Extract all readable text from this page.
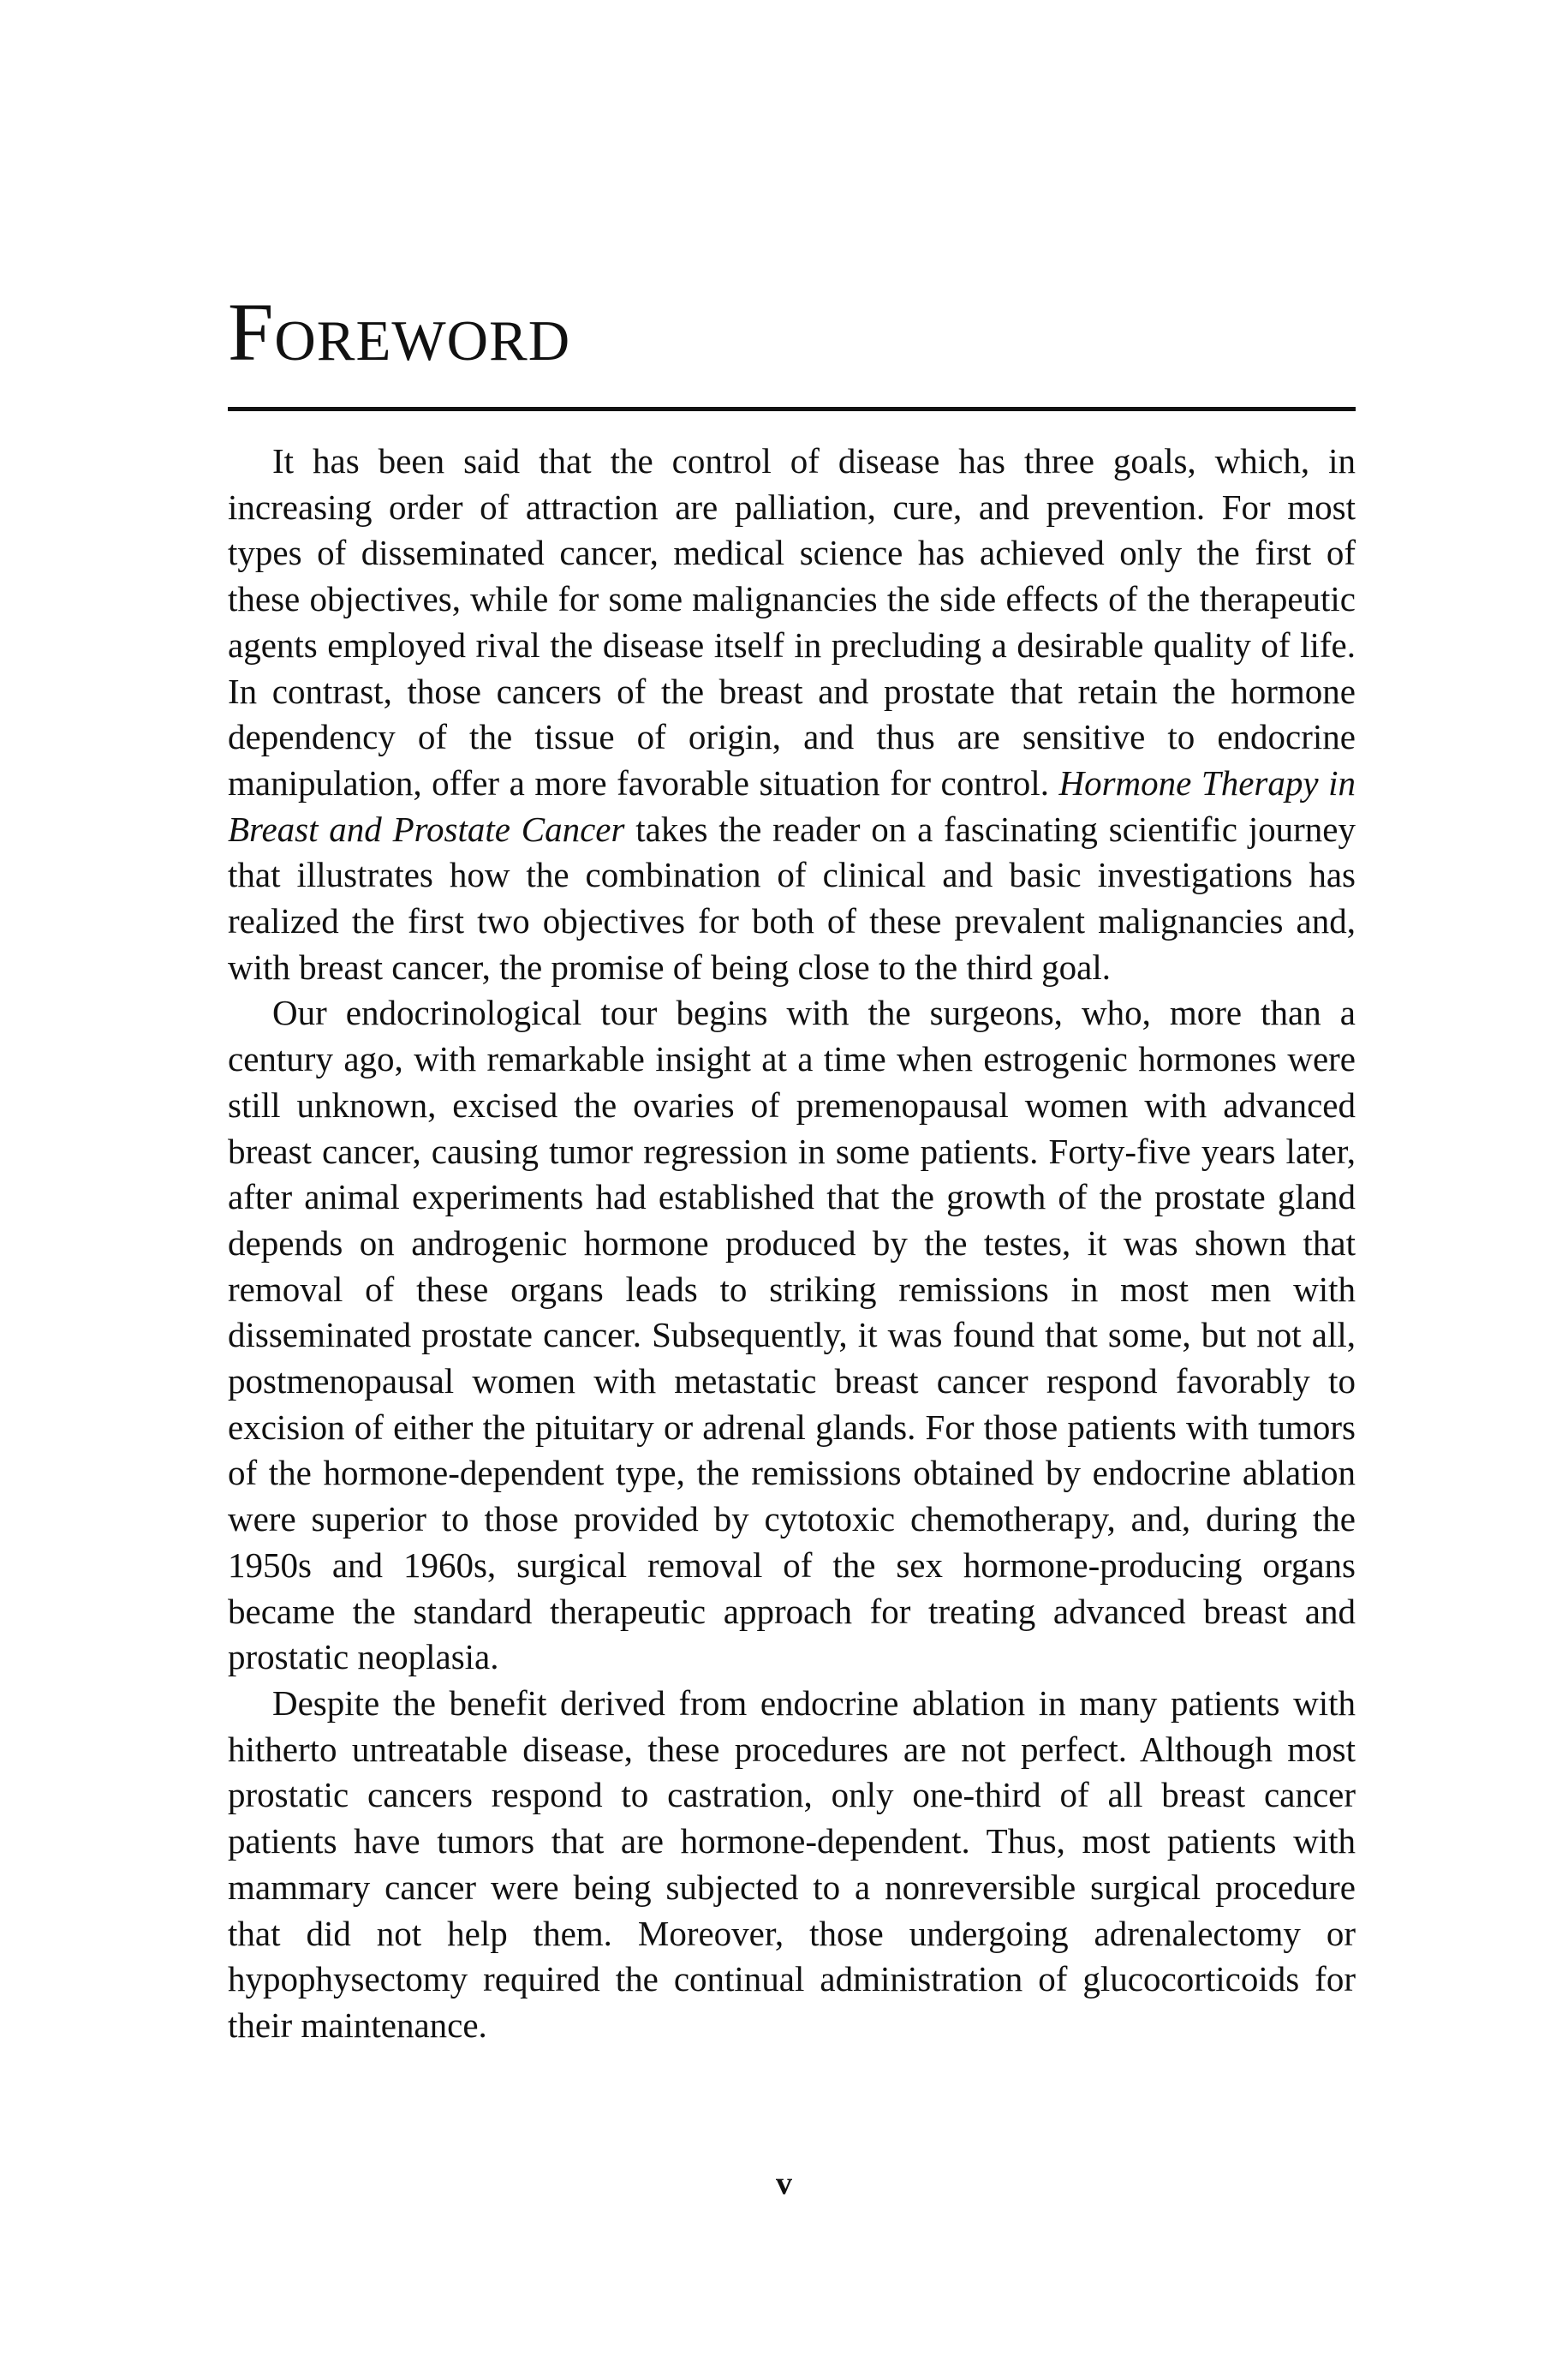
Foreword

It has been said that the control of disease has three goals, which, in increasing order of attraction are palliation, cure, and prevention. For most types of disseminated cancer, medical science has achieved only the first of these objectives, while for some malignancies the side effects of the therapeutic agents employed rival the disease itself in precluding a desirable quality of life. In contrast, those cancers of the breast and prostate that retain the hormone dependency of the tissue of origin, and thus are sensitive to endocrine manipulation, offer a more favorable situation for control. Hormone Therapy in Breast and Prostate Cancer takes the reader on a fascinating scientific journey that illustrates how the combination of clinical and basic investigations has realized the first two objectives for both of these prevalent malignancies and, with breast cancer, the promise of being close to the third goal.

Our endocrinological tour begins with the surgeons, who, more than a century ago, with remarkable insight at a time when estrogenic hormones were still unknown, excised the ovaries of premenopausal women with advanced breast cancer, causing tumor regression in some patients. Forty-five years later, after animal experiments had established that the growth of the prostate gland depends on androgenic hormone produced by the testes, it was shown that removal of these organs leads to striking remissions in most men with disseminated prostate cancer. Subsequently, it was found that some, but not all, postmenopausal women with metastatic breast cancer respond favorably to excision of either the pituitary or adrenal glands. For those patients with tumors of the hormone-dependent type, the remissions obtained by endocrine ablation were superior to those provided by cytotoxic chemotherapy, and, during the 1950s and 1960s, surgical removal of the sex hormone-producing organs became the standard therapeutic approach for treating advanced breast and prostatic neoplasia.

Despite the benefit derived from endocrine ablation in many patients with hitherto untreatable disease, these procedures are not perfect. Although most prostatic cancers respond to castration, only one-third of all breast cancer patients have tumors that are hormone-dependent. Thus, most patients with mammary cancer were being subjected to a nonreversible surgical procedure that did not help them. Moreover, those undergoing adrenalectomy or hypophysectomy required the continual administration of glucocorticoids for their maintenance.

v
